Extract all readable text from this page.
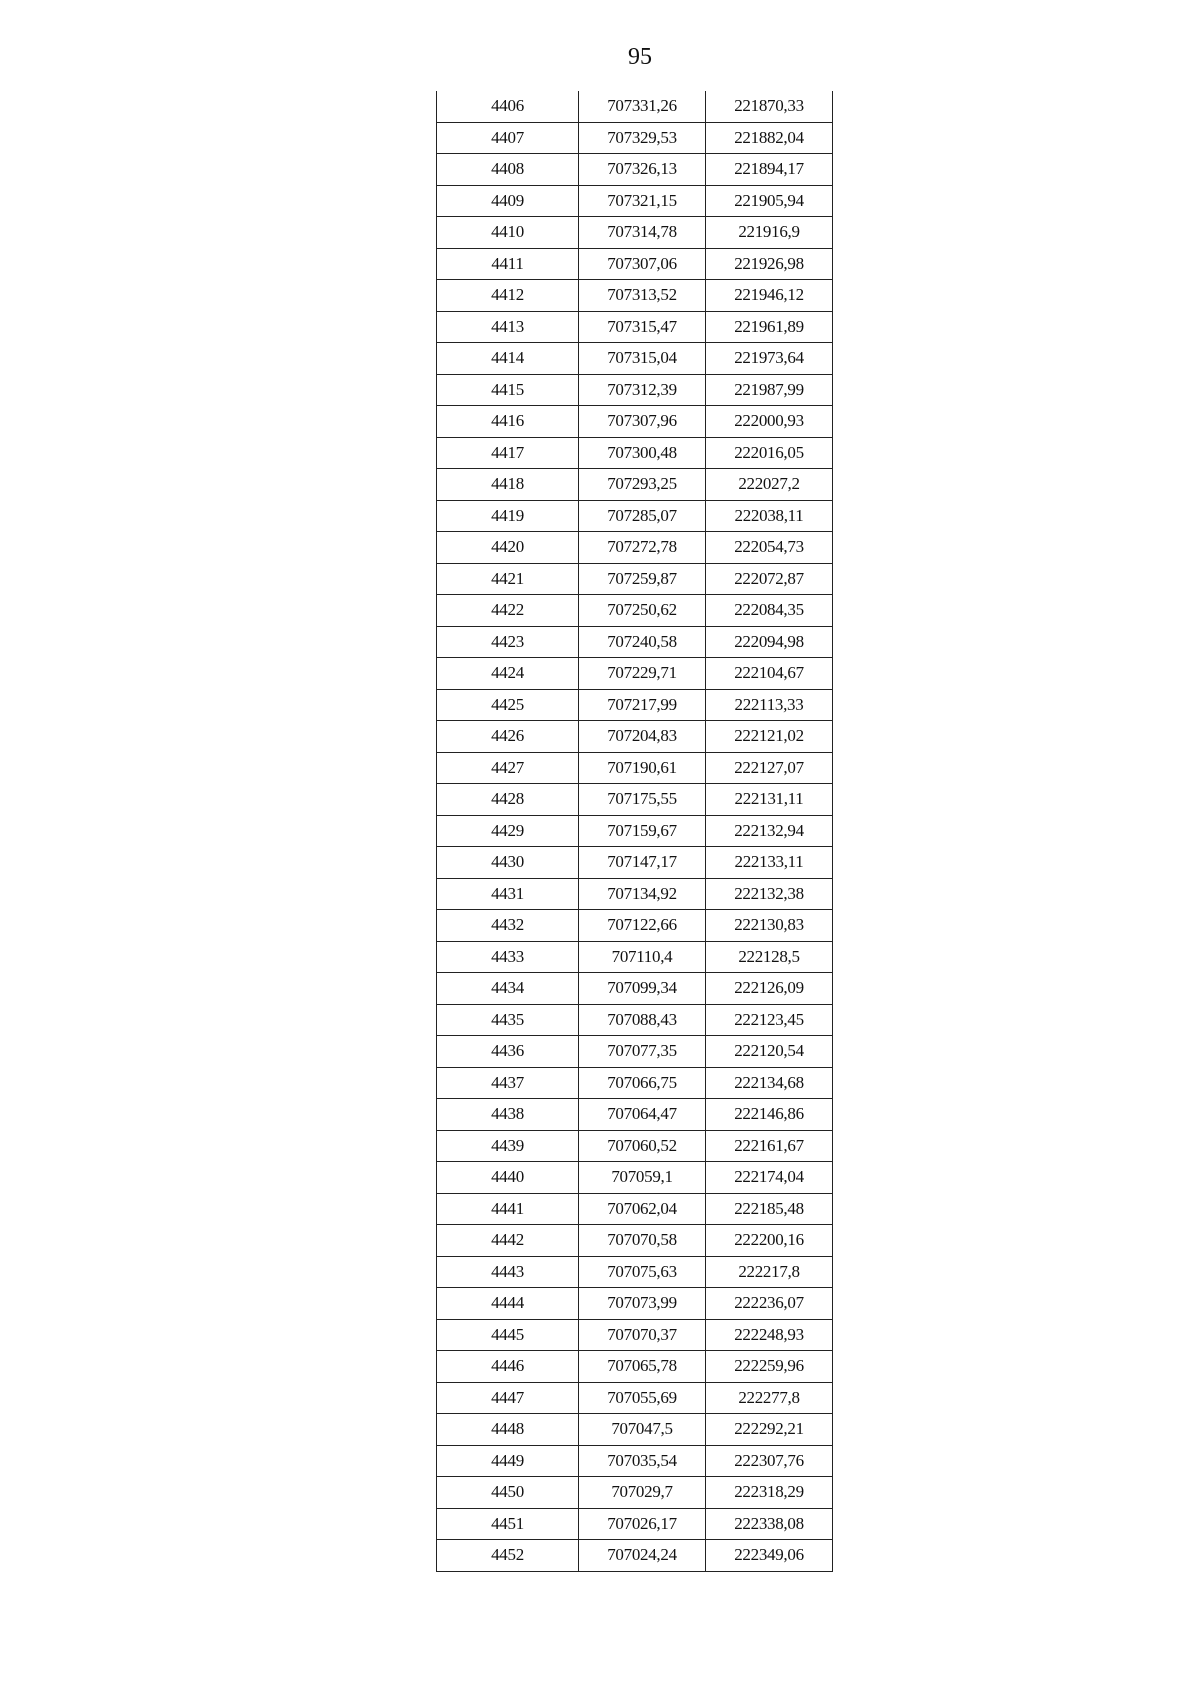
95
4406	707331,26	221870,33
4407	707329,53	221882,04
4408	707326,13	221894,17
4409	707321,15	221905,94
4410	707314,78	221916,9
4411	707307,06	221926,98
4412	707313,52	221946,12
4413	707315,47	221961,89
4414	707315,04	221973,64
4415	707312,39	221987,99
4416	707307,96	222000,93
4417	707300,48	222016,05
4418	707293,25	222027,2
4419	707285,07	222038,11
4420	707272,78	222054,73
4421	707259,87	222072,87
4422	707250,62	222084,35
4423	707240,58	222094,98
4424	707229,71	222104,67
4425	707217,99	222113,33
4426	707204,83	222121,02
4427	707190,61	222127,07
4428	707175,55	222131,11
4429	707159,67	222132,94
4430	707147,17	222133,11
4431	707134,92	222132,38
4432	707122,66	222130,83
4433	707110,4	222128,5
4434	707099,34	222126,09
4435	707088,43	222123,45
4436	707077,35	222120,54
4437	707066,75	222134,68
4438	707064,47	222146,86
4439	707060,52	222161,67
4440	707059,1	222174,04
4441	707062,04	222185,48
4442	707070,58	222200,16
4443	707075,63	222217,8
4444	707073,99	222236,07
4445	707070,37	222248,93
4446	707065,78	222259,96
4447	707055,69	222277,8
4448	707047,5	222292,21
4449	707035,54	222307,76
4450	707029,7	222318,29
4451	707026,17	222338,08
4452	707024,24	222349,06
